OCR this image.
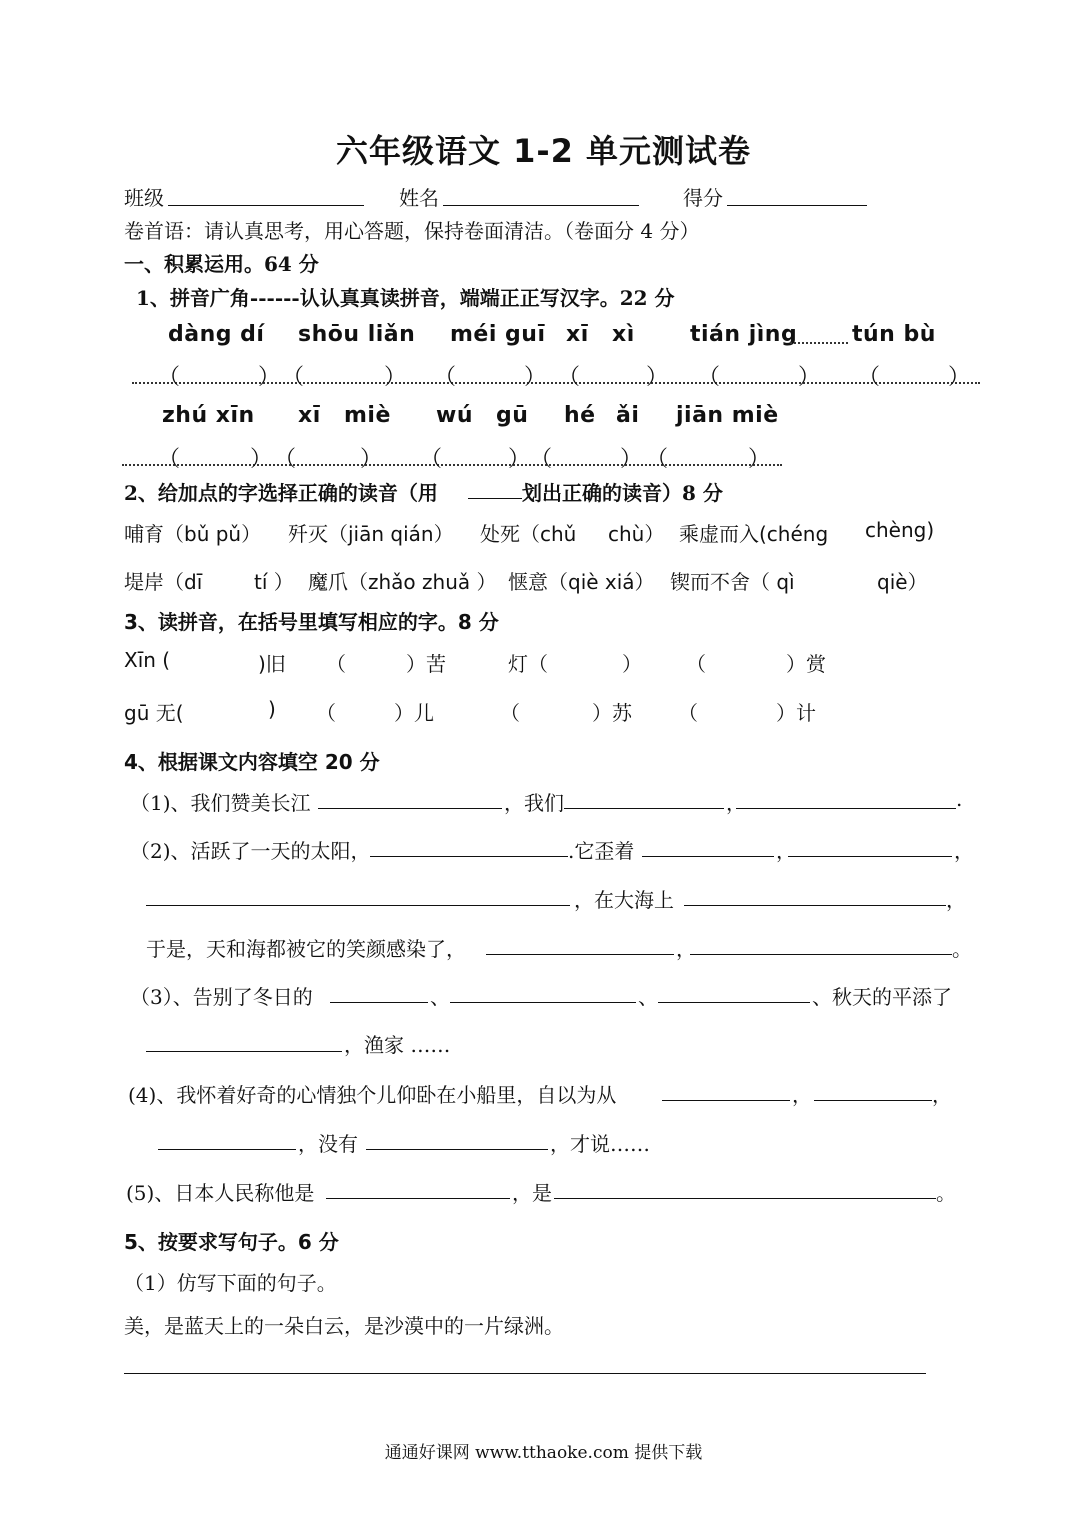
六年级语文 1-2 单元测试卷
班级	姓名	得分
卷首语：请认真思考，用心答题，保持卷面清洁。（卷面分 4 分）
一、积累运用。64 分
1、拼音广角------认认真真读拼音，端端正正写汉字。22 分
dàng dí shōu liǎn méi guī xī xì	tián jìng tún bù
（	） （	） （	） （	） （	） （	）
zhú xīn xī miè wú gū hé ǎi jiān miè
（	） （	） （	） （	） （	）
2、给加点的字选择正确的读音（用	划出正确的读音）8 分
哺育（bǔ pǔ） 歼灭（jiān qián） 处死（chǔ chù） 乘虚而入(chéng chèng)
堤岸（dī	tí ） 魔爪（zhǎo zhuǎ ） 惬意（qiè xiá） 锲而不舍（ qì	qiè）
3、读拼音，在括号里填写相应的字。8 分
Xīn (	)旧 （	）苦	灯（	） （	）赏
gū 无(	) （	）儿	（	）苏 （	）计
4、根据课文内容填空 20 分
（1)、我们赞美长江	，我们	，	.
（2)、活跃了一天的太阳，	.它歪着	，	，
，在大海上	，
于是，天和海都被它的笑颜感染了，	，	。
（3）、告别了冬日的	、	、	、秋天的平添了
，渔家 ……
(4)、我怀着好奇的心情独个儿仰卧在小船里，自以为从	，	，
，没有	，才说……
(5)、日本人民称他是	，是	。
5、按要求写句子。6 分
（1）仿写下面的句子。
美，是蓝天上的一朵白云，是沙漠中的一片绿洲。
通通好课网 www.tthaoke.com 提供下载
